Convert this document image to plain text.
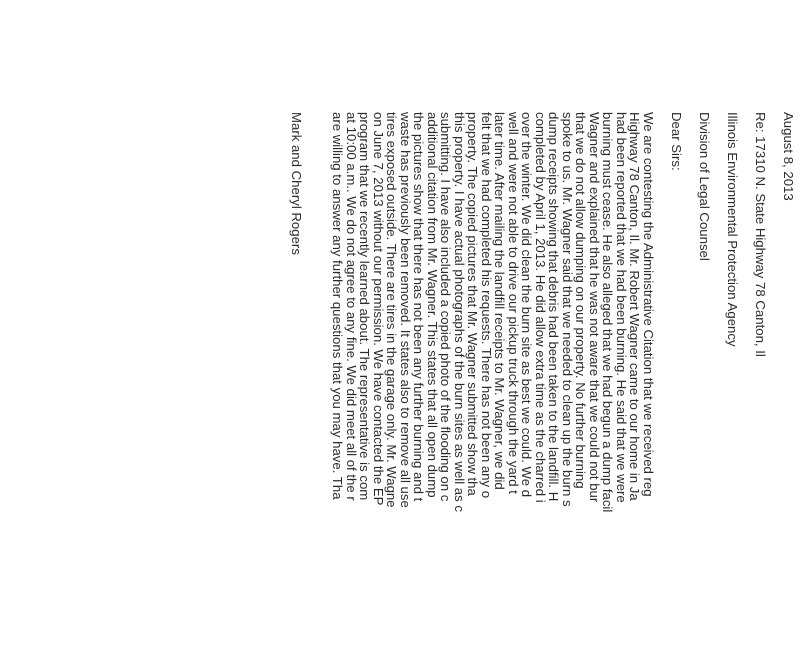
August 8, 2013

Re: 17310 N. State Highway 78 Canton, Il

Illinois Environmental Protection Agency

Division of Legal Counsel

Dear Sirs:

We are contesting the Administrative Citation that we received reg

Highway 78 Canton, Il. Mr. Robert Wagner came to our home in Ja

had been reported that we had been burning. He said that we were

burning must cease. He also alleged that we had begun a dump facil

Wagner and explained that he was not aware that we could not bur

that we do not allow dumping on our property. No further burning

spoke to us. Mr. Wagner said that we needed to clean up the burn s

dump receipts showing that debris had been taken to the landfill. H

completed by April 1, 2013. He did allow extra time as the charred i

over the winter. We did clean the burn site as best we could. We d

well and were not able to drive our pickup truck through the yard t

later time. After mailing the landfill receipts to Mr. Wagner, we did

felt that we had completed his requests. There has not been any o

property. The copied pictures that Mr. Wagner submitted show tha

this property. I have actual photographs of the burn sites as well as c

submitting. I have also included a copied photo of the flooding on c

additional citation from Mr. Wagner. This states that all open dump

the pictures show that there has not been any further burning and t

waste has previously been removed. It states also to remove all use

tires exposed outside. There are tires in the garage only. Mr. Wagne

on June 7, 2013 without our permission. We have contacted the EP

program that we recently learned about. The representative is com

at 10:00 a.m.. We do not agree to any fine. We did meet all of the r

are willing to answer any further questions that you may have. Tha

Mark and Cheryl Rogers
